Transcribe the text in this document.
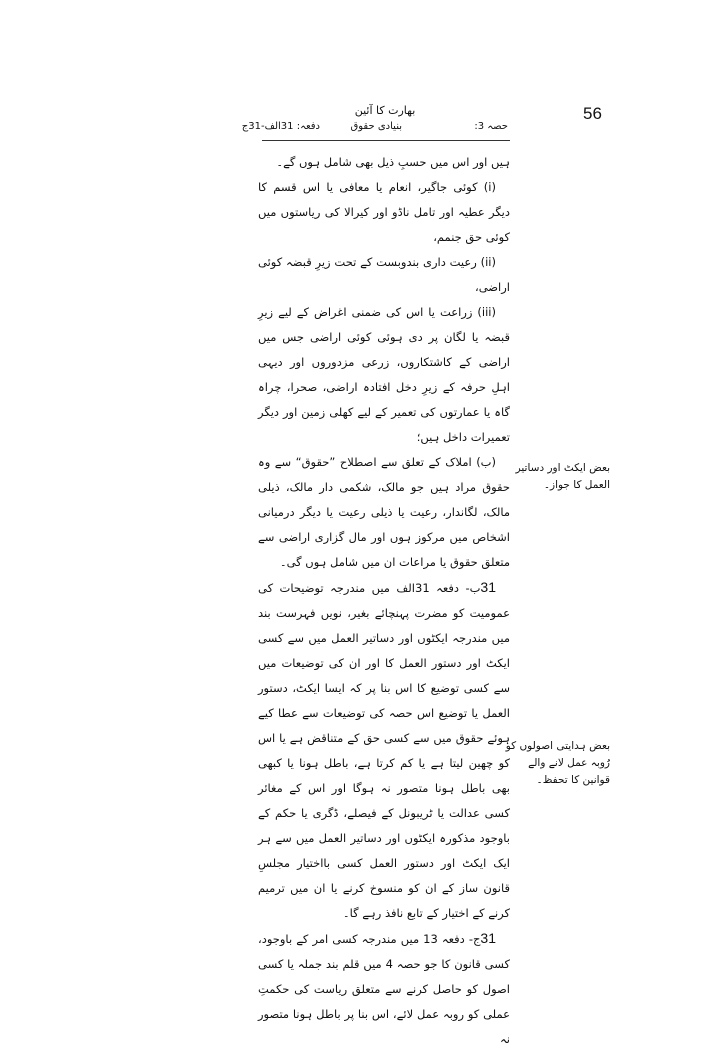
56
بھارت کا آئین
حصہ 3:
بنیادی حقوق
دفعہ: 31الف-31ج

ہیں اور اس میں حسبِ ذیل بھی شامل ہوں گے۔

(i) کوئی جاگیر، انعام یا معافی یا اس قسم کا دیگر عطیہ اور تامل ناڈو اور کیرالا کی ریاستوں میں کوئی حق جنمم،

(ii) رعیت داری بندوبست کے تحت زیرِ قبضہ کوئی اراضی،

(iii) زراعت یا اس کی ضمنی اغراض کے لیے زیرِ قبضہ یا لگان پر دی ہوئی کوئی اراضی جس میں اراضی کے کاشتکاروں، زرعی مزدوروں اور دیہی اہلِ حرفہ کے زیرِ دخل افتادہ اراضی، صحرا، چراہ گاہ یا عمارتوں کی تعمیر کے لیے کھلی زمین اور دیگر تعمیرات داخل ہیں؛

(ب) املاک کے تعلق سے اصطلاح ”حقوق“ سے وہ حقوق مراد ہیں جو مالک، شکمی دار مالک، ذیلی مالک، لگاندار، رعیت یا ذیلی رعیت یا دیگر درمیانی اشخاص میں مرکوز ہوں اور مال گزاری اراضی سے متعلق حقوق یا مراعات ان میں شامل ہوں گی۔

31ب- دفعہ 31الف میں مندرجہ توضیحات کی عمومیت کو مضرت پہنچائے بغیر، نویں فہرست بند میں مندرجہ ایکٹوں اور دساتیر العمل میں سے کسی ایکٹ اور دستور العمل کا اور ان کی توضیعات میں سے کسی توضیع کا اس بنا پر کہ ایسا ایکٹ، دستور العمل یا توضیع اس حصہ کی توضیعات سے عطا کیے ہوئے حقوق میں سے کسی حق کے متناقض ہے یا اس کو چھین لیتا ہے یا کم کرتا ہے، باطل ہونا یا کبھی بھی باطل ہونا متصور نہ ہوگا اور اس کے مغائر کسی عدالت یا ٹریبونل کے فیصلے، ڈگری یا حکم کے باوجود مذکورہ ایکٹوں اور دساتیر العمل میں سے ہر ایک ایکٹ اور دستور العمل کسی بااختیار مجلسِ قانون ساز کے ان کو منسوخ کرنے یا ان میں ترمیم کرنے کے اختیار کے تابع نافذ رہے گا۔

31ج- دفعہ 13 میں مندرجہ کسی امر کے باوجود، کسی قانون کا جو حصہ 4 میں قلم بند جملہ یا کسی اصول کو حاصل کرنے سے متعلق ریاست کی حکمتِ عملی کو روبہ عمل لائے، اس بنا پر باطل ہونا متصور نہ

بعض ایکٹ اور دساتیر العمل کا جواز۔
بعض ہدایتی اصولوں کو رُوبہ عمل لانے والے قوانین کا تحفظ۔
